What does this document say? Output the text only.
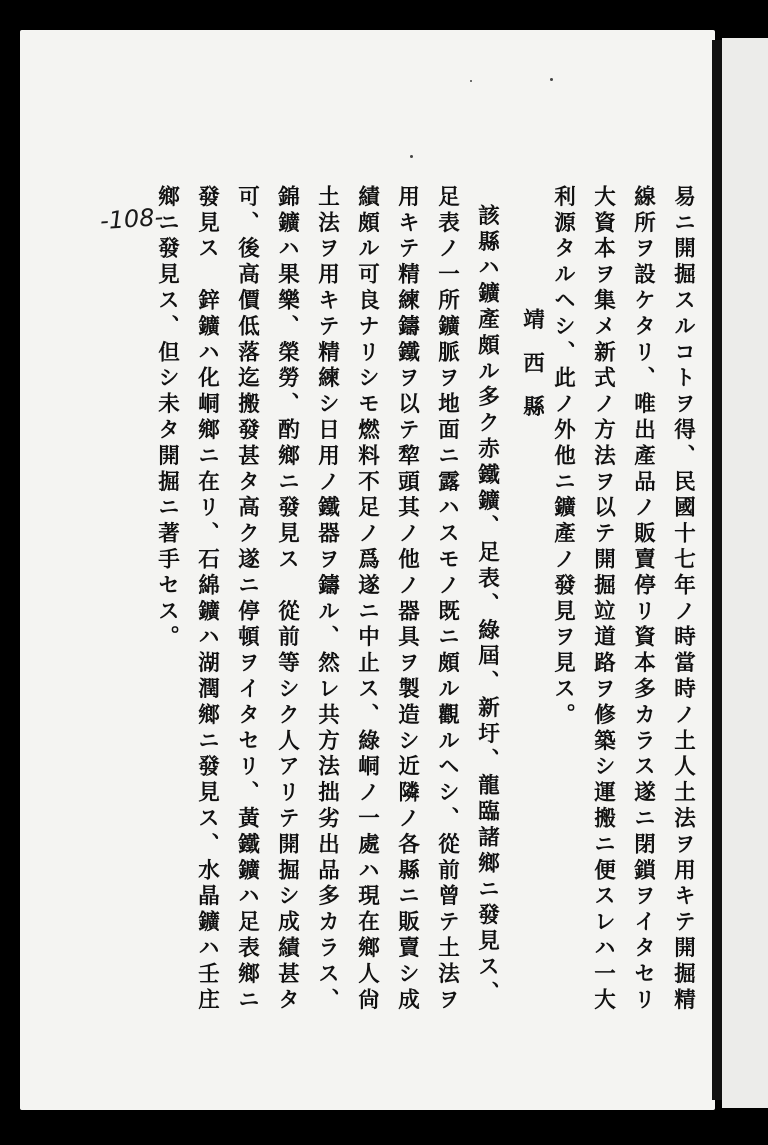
-108-	易ニ開掘スルコトヲ得、民國十七年ノ時當時ノ土人土法ヲ用キテ開掘精
線所ヲ設ケタリ、唯出產品ノ販賣停リ資本多カラス遂ニ閉鎖ヲイタセリ
大資本ヲ集メ新式ノ方法ヲ以テ開掘竝道路ヲ修築シ運搬ニ便スレハ一大
利源タルヘシ、此ノ外他ニ鑛產ノ發見ヲ見ス。
靖西縣
該縣ハ鑛產頗ル多ク赤鐵鑛、足表、綠屆、新圩、龍臨諸鄉ニ發見ス、
足表ノ一所鑛脈ヲ地面ニ露ハスモノ既ニ頗ル觀ルヘシ、從前曾テ土法ヲ
用キテ精練鑄鐵ヲ以テ犂頭其ノ他ノ器具ヲ製造シ近隣ノ各縣ニ販賣シ成
績頗ル可良ナリシモ燃料不足ノ爲遂ニ中止ス、綠峒ノ一處ハ現在鄉人尙
土法ヲ用キテ精練シ日用ノ鐵器ヲ鑄ル、然レ共方法拙劣出品多カラス、
錦鑛ハ果樂、榮勞、酌鄉ニ發見ス　從前等シク人アリテ開掘シ成績甚タ
可、後高價低落迄搬發甚タ高ク遂ニ停頓ヲイタセリ、黃鐵鑛ハ足表鄉ニ
發見ス　鋅鑛ハ化峒鄉ニ在リ、石綿鑛ハ湖潤鄉ニ發見ス、水晶鑛ハ壬庄
鄉ニ發見ス、但シ未タ開掘ニ著手セス。
